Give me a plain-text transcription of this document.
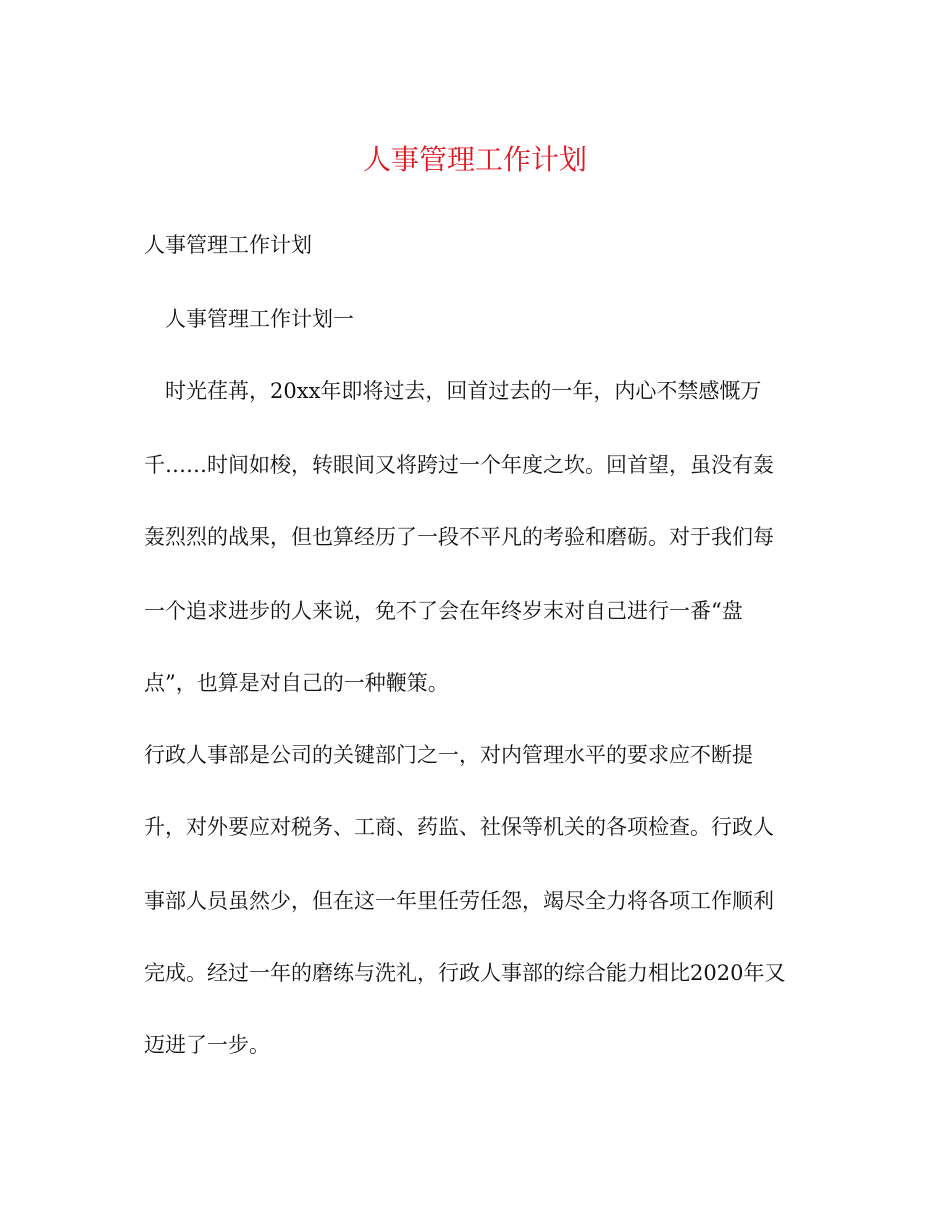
人事管理工作计划
人事管理工作计划
人事管理工作计划一
时光荏苒，20xx年即将过去，回首过去的一年，内心不禁感慨万
千……时间如梭，转眼间又将跨过一个年度之坎。回首望，虽没有轰
轰烈烈的战果，但也算经历了一段不平凡的考验和磨砺。对于我们每
一个追求进步的人来说，免不了会在年终岁末对自己进行一番“盘
点”，也算是对自己的一种鞭策。
行政人事部是公司的关键部门之一，对内管理水平的要求应不断提
升，对外要应对税务、工商、药监、社保等机关的各项检查。行政人
事部人员虽然少，但在这一年里任劳任怨，竭尽全力将各项工作顺利
完成。经过一年的磨练与洗礼，行政人事部的综合能力相比2020年又
迈进了一步。
